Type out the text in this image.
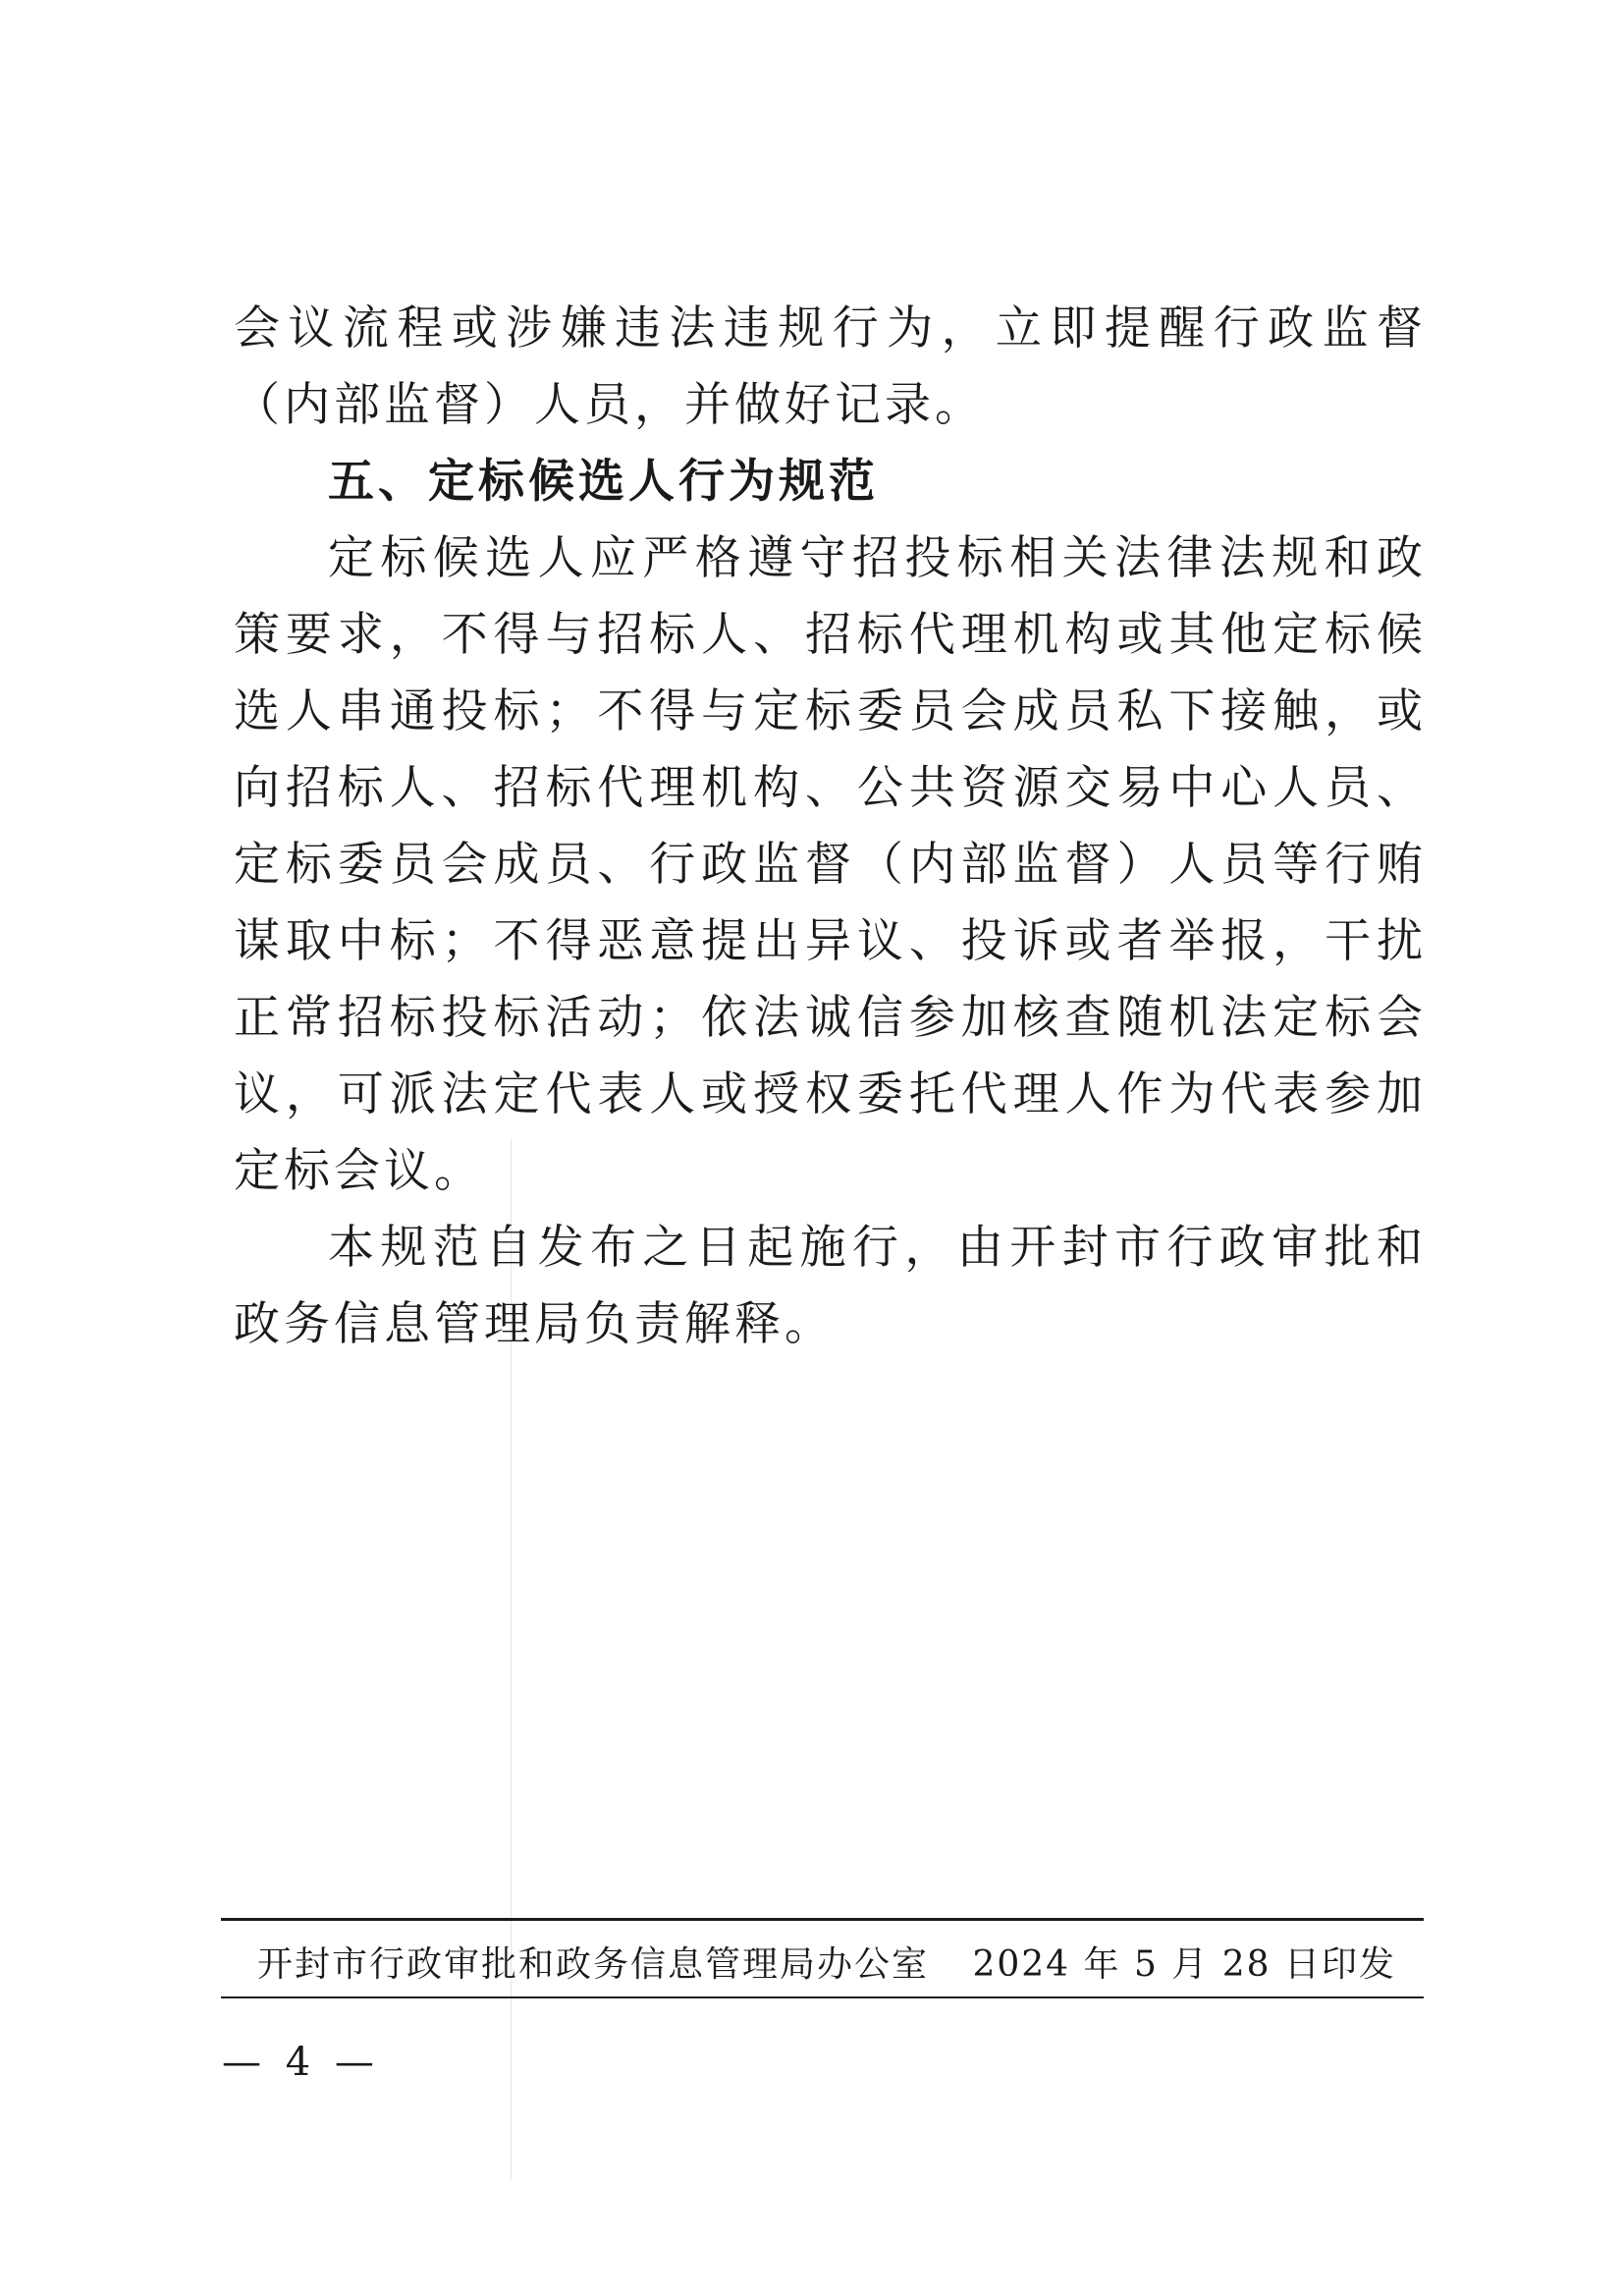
会议流程或涉嫌违法违规行为，立即提醒行政监督（内部监督）人员，并做好记录。

五、定标候选人行为规范

定标候选人应严格遵守招投标相关法律法规和政策要求，不得与招标人、招标代理机构或其他定标候选人串通投标；不得与定标委员会成员私下接触，或向招标人、招标代理机构、公共资源交易中心人员、定标委员会成员、行政监督（内部监督）人员等行贿谋取中标；不得恶意提出异议、投诉或者举报，干扰正常招标投标活动；依法诚信参加核查随机法定标会议，可派法定代表人或授权委托代理人作为代表参加定标会议。

本规范自发布之日起施行，由开封市行政审批和政务信息管理局负责解释。

开封市行政审批和政务信息管理局办公室 2024 年 5 月 28 日印发
— 4 —
